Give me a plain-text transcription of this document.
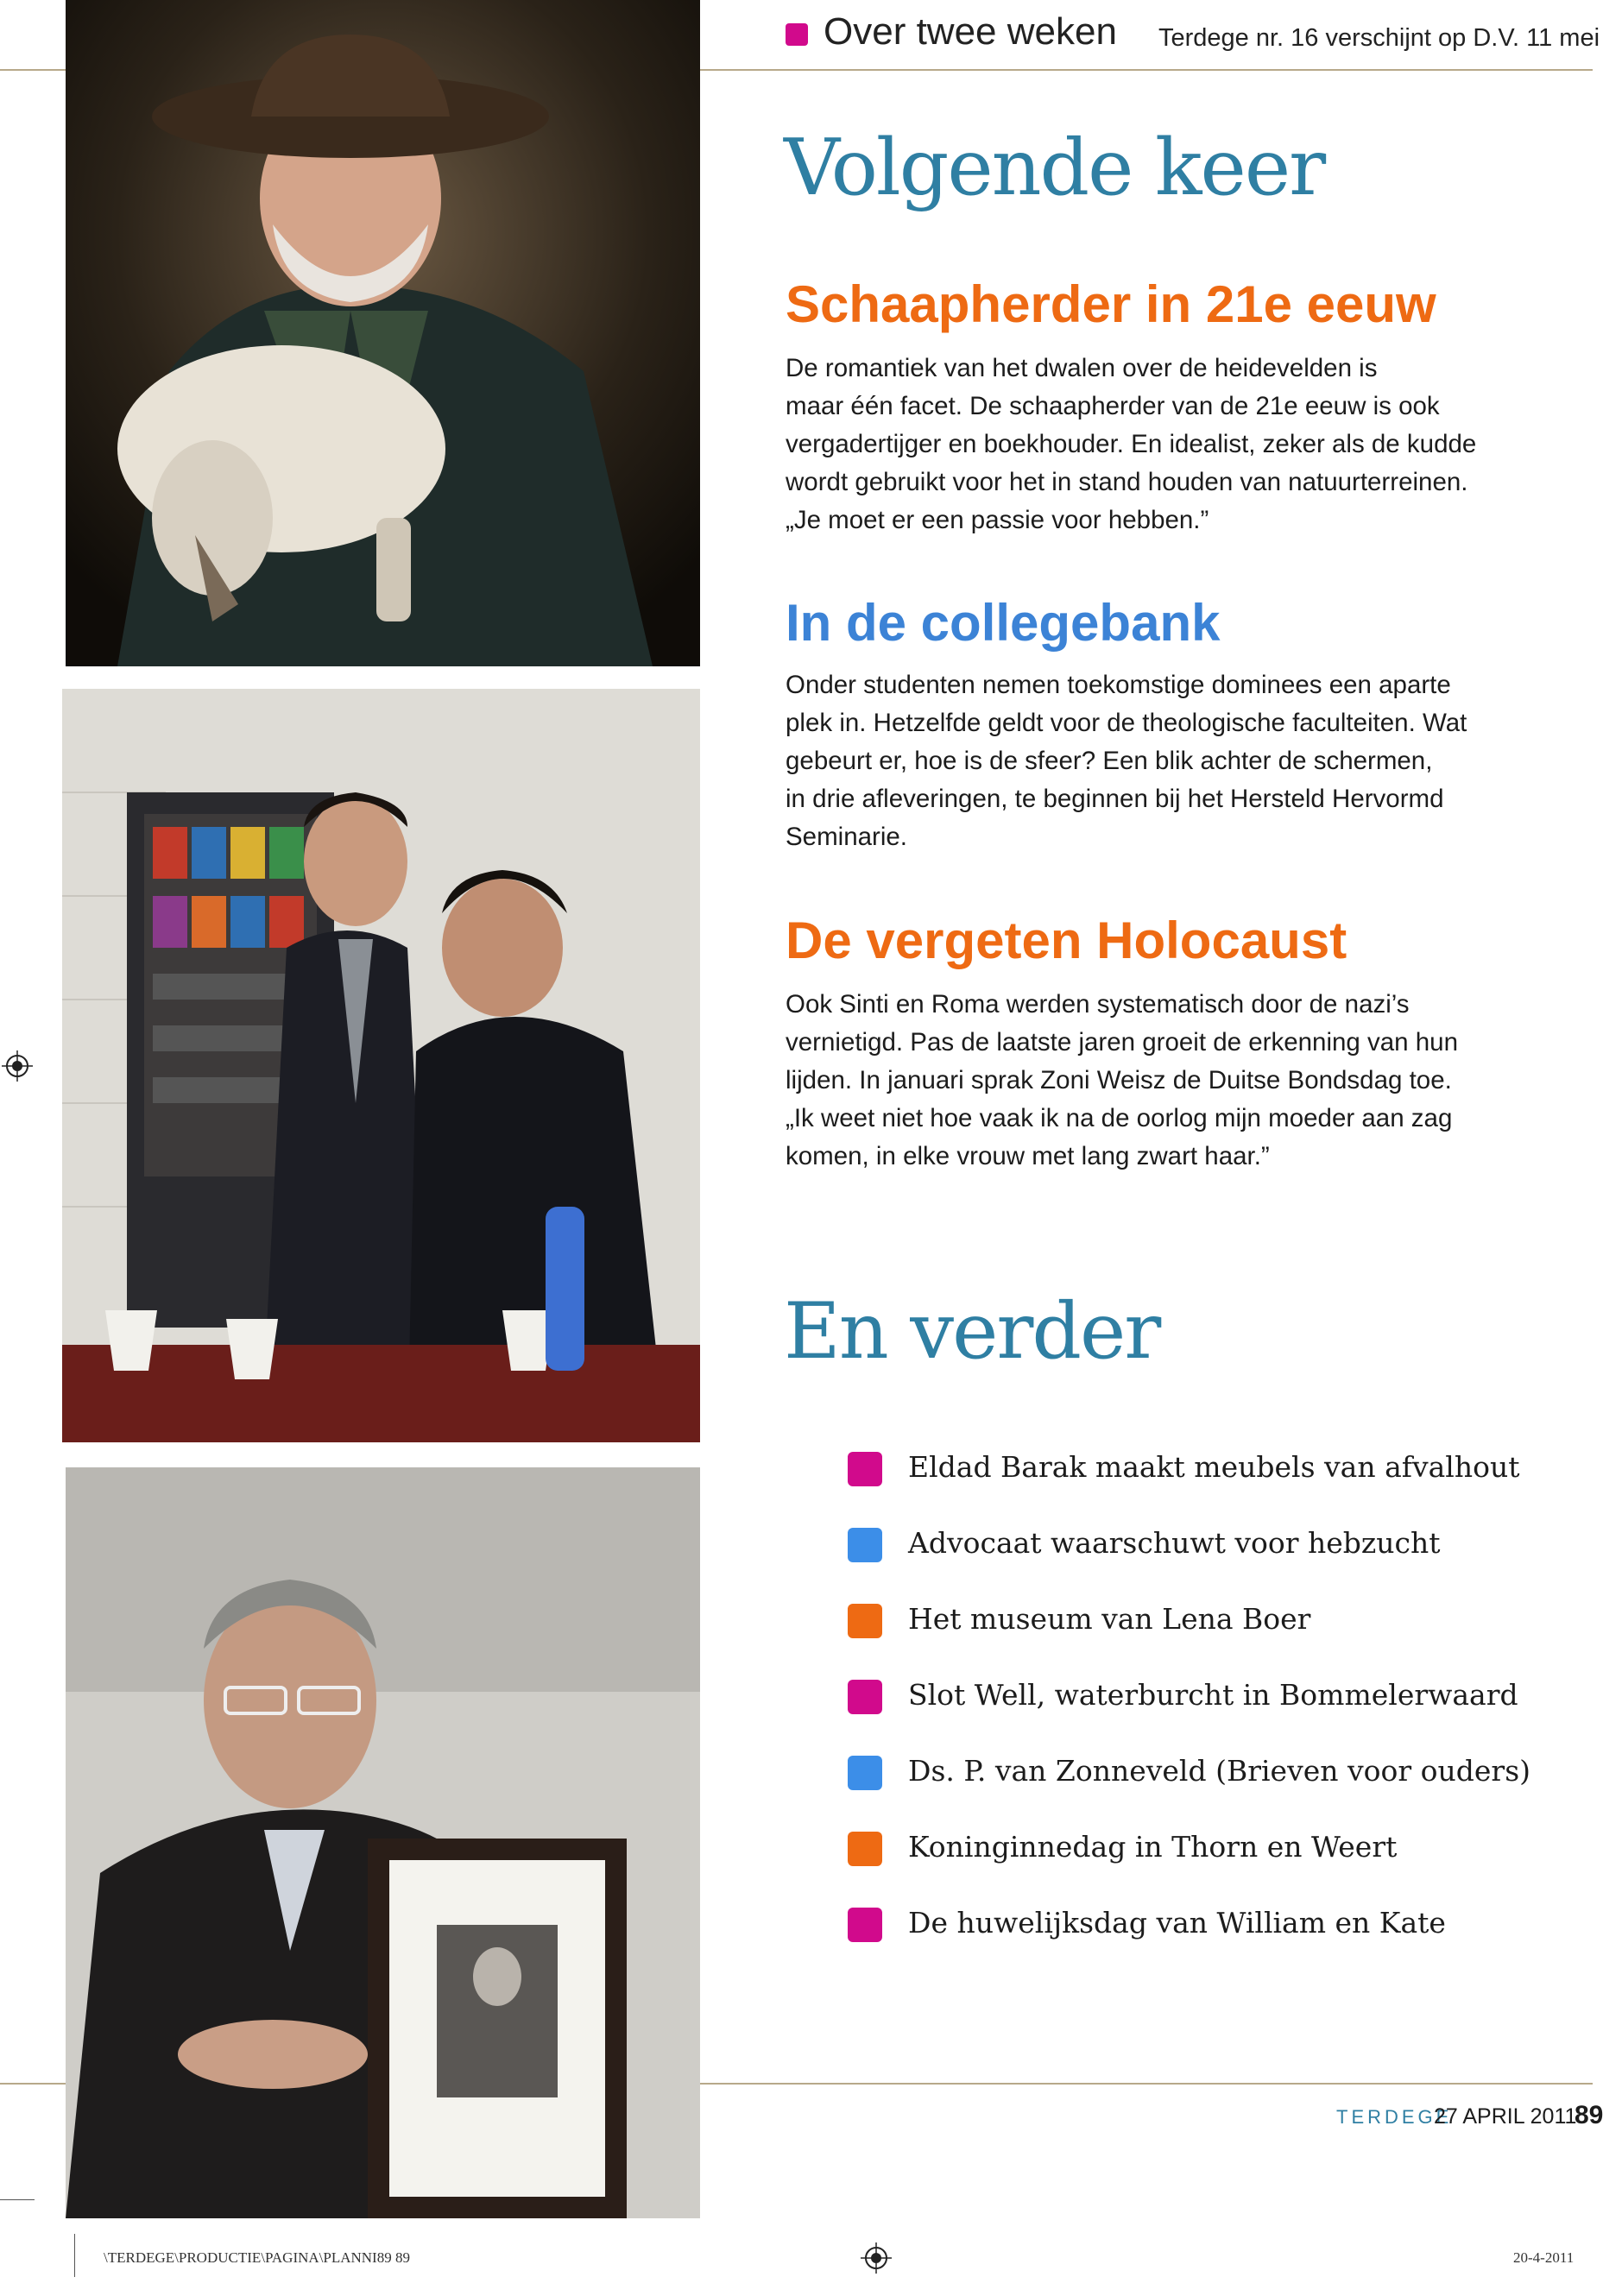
Over twee weken Terdege nr. 16 verschijnt op D.V. 11 mei
Volgende keer
Schaapherder in 21e eeuw
De romantiek van het dwalen over de heidevelden is
maar één facet. De schaapherder van de 21e eeuw is ook
vergadertijger en boekhouder. En idealist, zeker als de kudde
wordt gebruikt voor het in stand houden van natuurterreinen.
„Je moet er een passie voor hebben.”
In de collegebank
Onder studenten nemen toekomstige dominees een aparte
plek in. Hetzelfde geldt voor de theologische faculteiten. Wat
gebeurt er, hoe is de sfeer? Een blik achter de schermen,
in drie afleveringen, te beginnen bij het Hersteld Hervormd
Seminarie.
De vergeten Holocaust
Ook Sinti en Roma werden systematisch door de nazi’s
vernietigd. Pas de laatste jaren groeit de erkenning van hun
lijden. In januari sprak Zoni Weisz de Duitse Bondsdag toe.
„Ik weet niet hoe vaak ik na de oorlog mijn moeder aan zag
komen, in elke vrouw met lang zwart haar.”
En verder
Eldad Barak maakt meubels van afvalhout
Advocaat waarschuwt voor hebzucht
Het museum van Lena Boer
Slot Well, waterburcht in Bommelerwaard
Ds. P. van Zonneveld (Brieven voor ouders)
Koninginnedag in Thorn en Weert
De huwelijksdag van William en Kate
TERDEGE
27 APRIL 2011
89
\TERDEGE\PRODUCTIE\PAGINA\PLANNI89 89	20-4-2011
